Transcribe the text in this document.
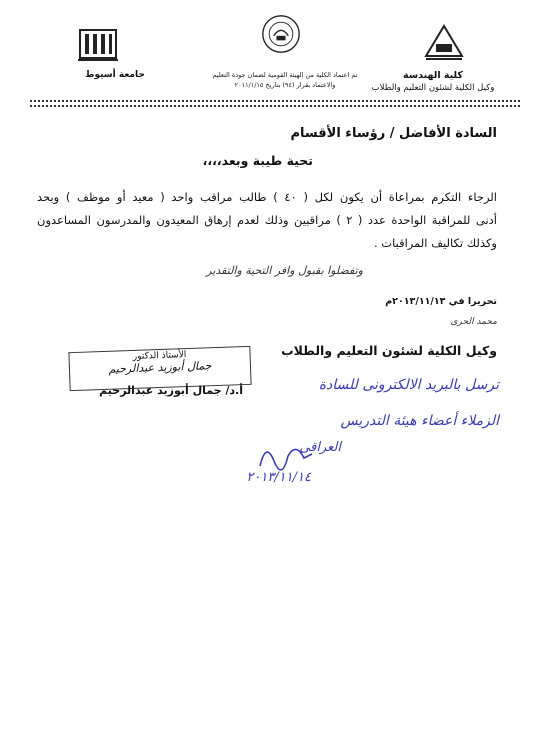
كلية الهندسة
وكيل الكلية لشئون التعليم والطلاب
تم اعتماد الكلية من الهيئة القومية لضمان جودة التعليم
والاعتماد بقرار (٩٤) بتاريخ ٢٠١١/١/١٥
جامعة أسيوط
السادة الأفاضل / رؤساء الأقسام
تحية طيبة وبعد،،،،
الرجاء التكرم بمراعاة أن يكون لكل ( ٤٠ ) طالب مراقب واحد ( معيد أو موظف ) وبحد
أدنى للمراقبة الواحدة عدد ( ٢ ) مراقبين وذلك لعدم إرهاق المعيدون والمدرسون المساعدون
وكذلك تكاليف المراقبات .
وتفضلوا بقبول وافر التحية والتقدير
تحريرا في ٢٠١٣/١١/١٣م
محمد الحرى
وكيل الكلية لشئون التعليم والطلاب
الأستاذ الدكتور
جمال أبوزيد عبدالرحيم
أ.د/ جمال أبوزيد عبدالرحيم	ترسل بالبريد الالكترونى للسادة
الزملاء أعضاء هيئة التدريس
العراقى
٢٠١٣/١١/١٤
